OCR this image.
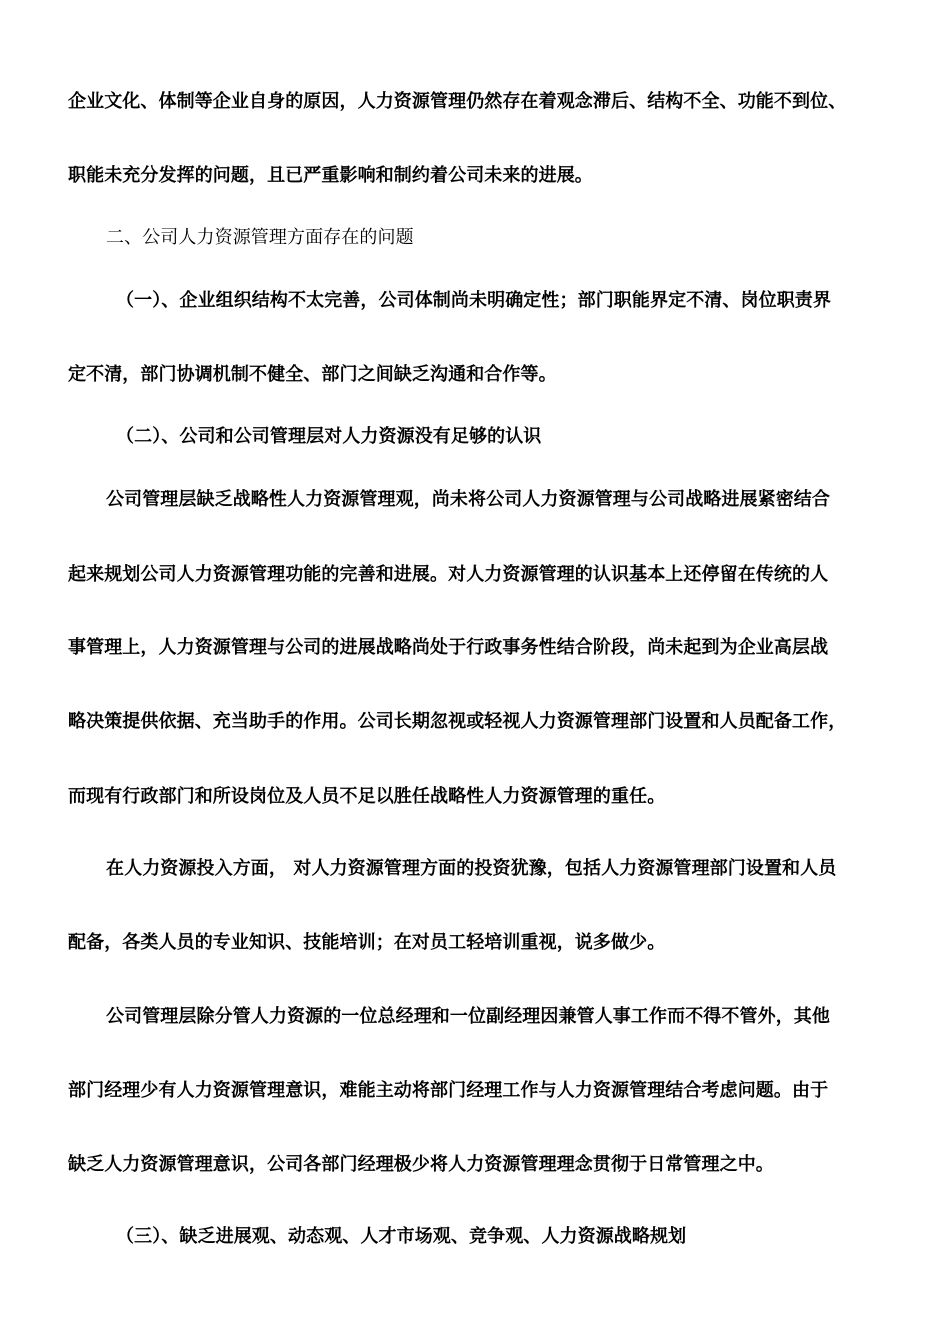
企业文化、体制等企业自身的原因，人力资源管理仍然存在着观念滞后、结构不全、功能不到位、
职能未充分发挥的问题，且已严重影响和制约着公司未来的进展。
二、公司人力资源管理方面存在的问题
（一）、企业组织结构不太完善，公司体制尚未明确定性；部门职能界定不清、岗位职责界
定不清，部门协调机制不健全、部门之间缺乏沟通和合作等。
（二）、公司和公司管理层对人力资源没有足够的认识
公司管理层缺乏战略性人力资源管理观，尚未将公司人力资源管理与公司战略进展紧密结合
起来规划公司人力资源管理功能的完善和进展。对人力资源管理的认识基本上还停留在传统的人
事管理上，人力资源管理与公司的进展战略尚处于行政事务性结合阶段，尚未起到为企业高层战
略决策提供依据、充当助手的作用。公司长期忽视或轻视人力资源管理部门设置和人员配备工作，
而现有行政部门和所设岗位及人员不足以胜任战略性人力资源管理的重任。
在人力资源投入方面， 对人力资源管理方面的投资犹豫，包括人力资源管理部门设置和人员
配备，各类人员的专业知识、技能培训；在对员工轻培训重视，说多做少。
公司管理层除分管人力资源的一位总经理和一位副经理因兼管人事工作而不得不管外，其他
部门经理少有人力资源管理意识，难能主动将部门经理工作与人力资源管理结合考虑问题。由于
缺乏人力资源管理意识，公司各部门经理极少将人力资源管理理念贯彻于日常管理之中。
（三）、缺乏进展观、动态观、人才市场观、竞争观、人力资源战略规划
